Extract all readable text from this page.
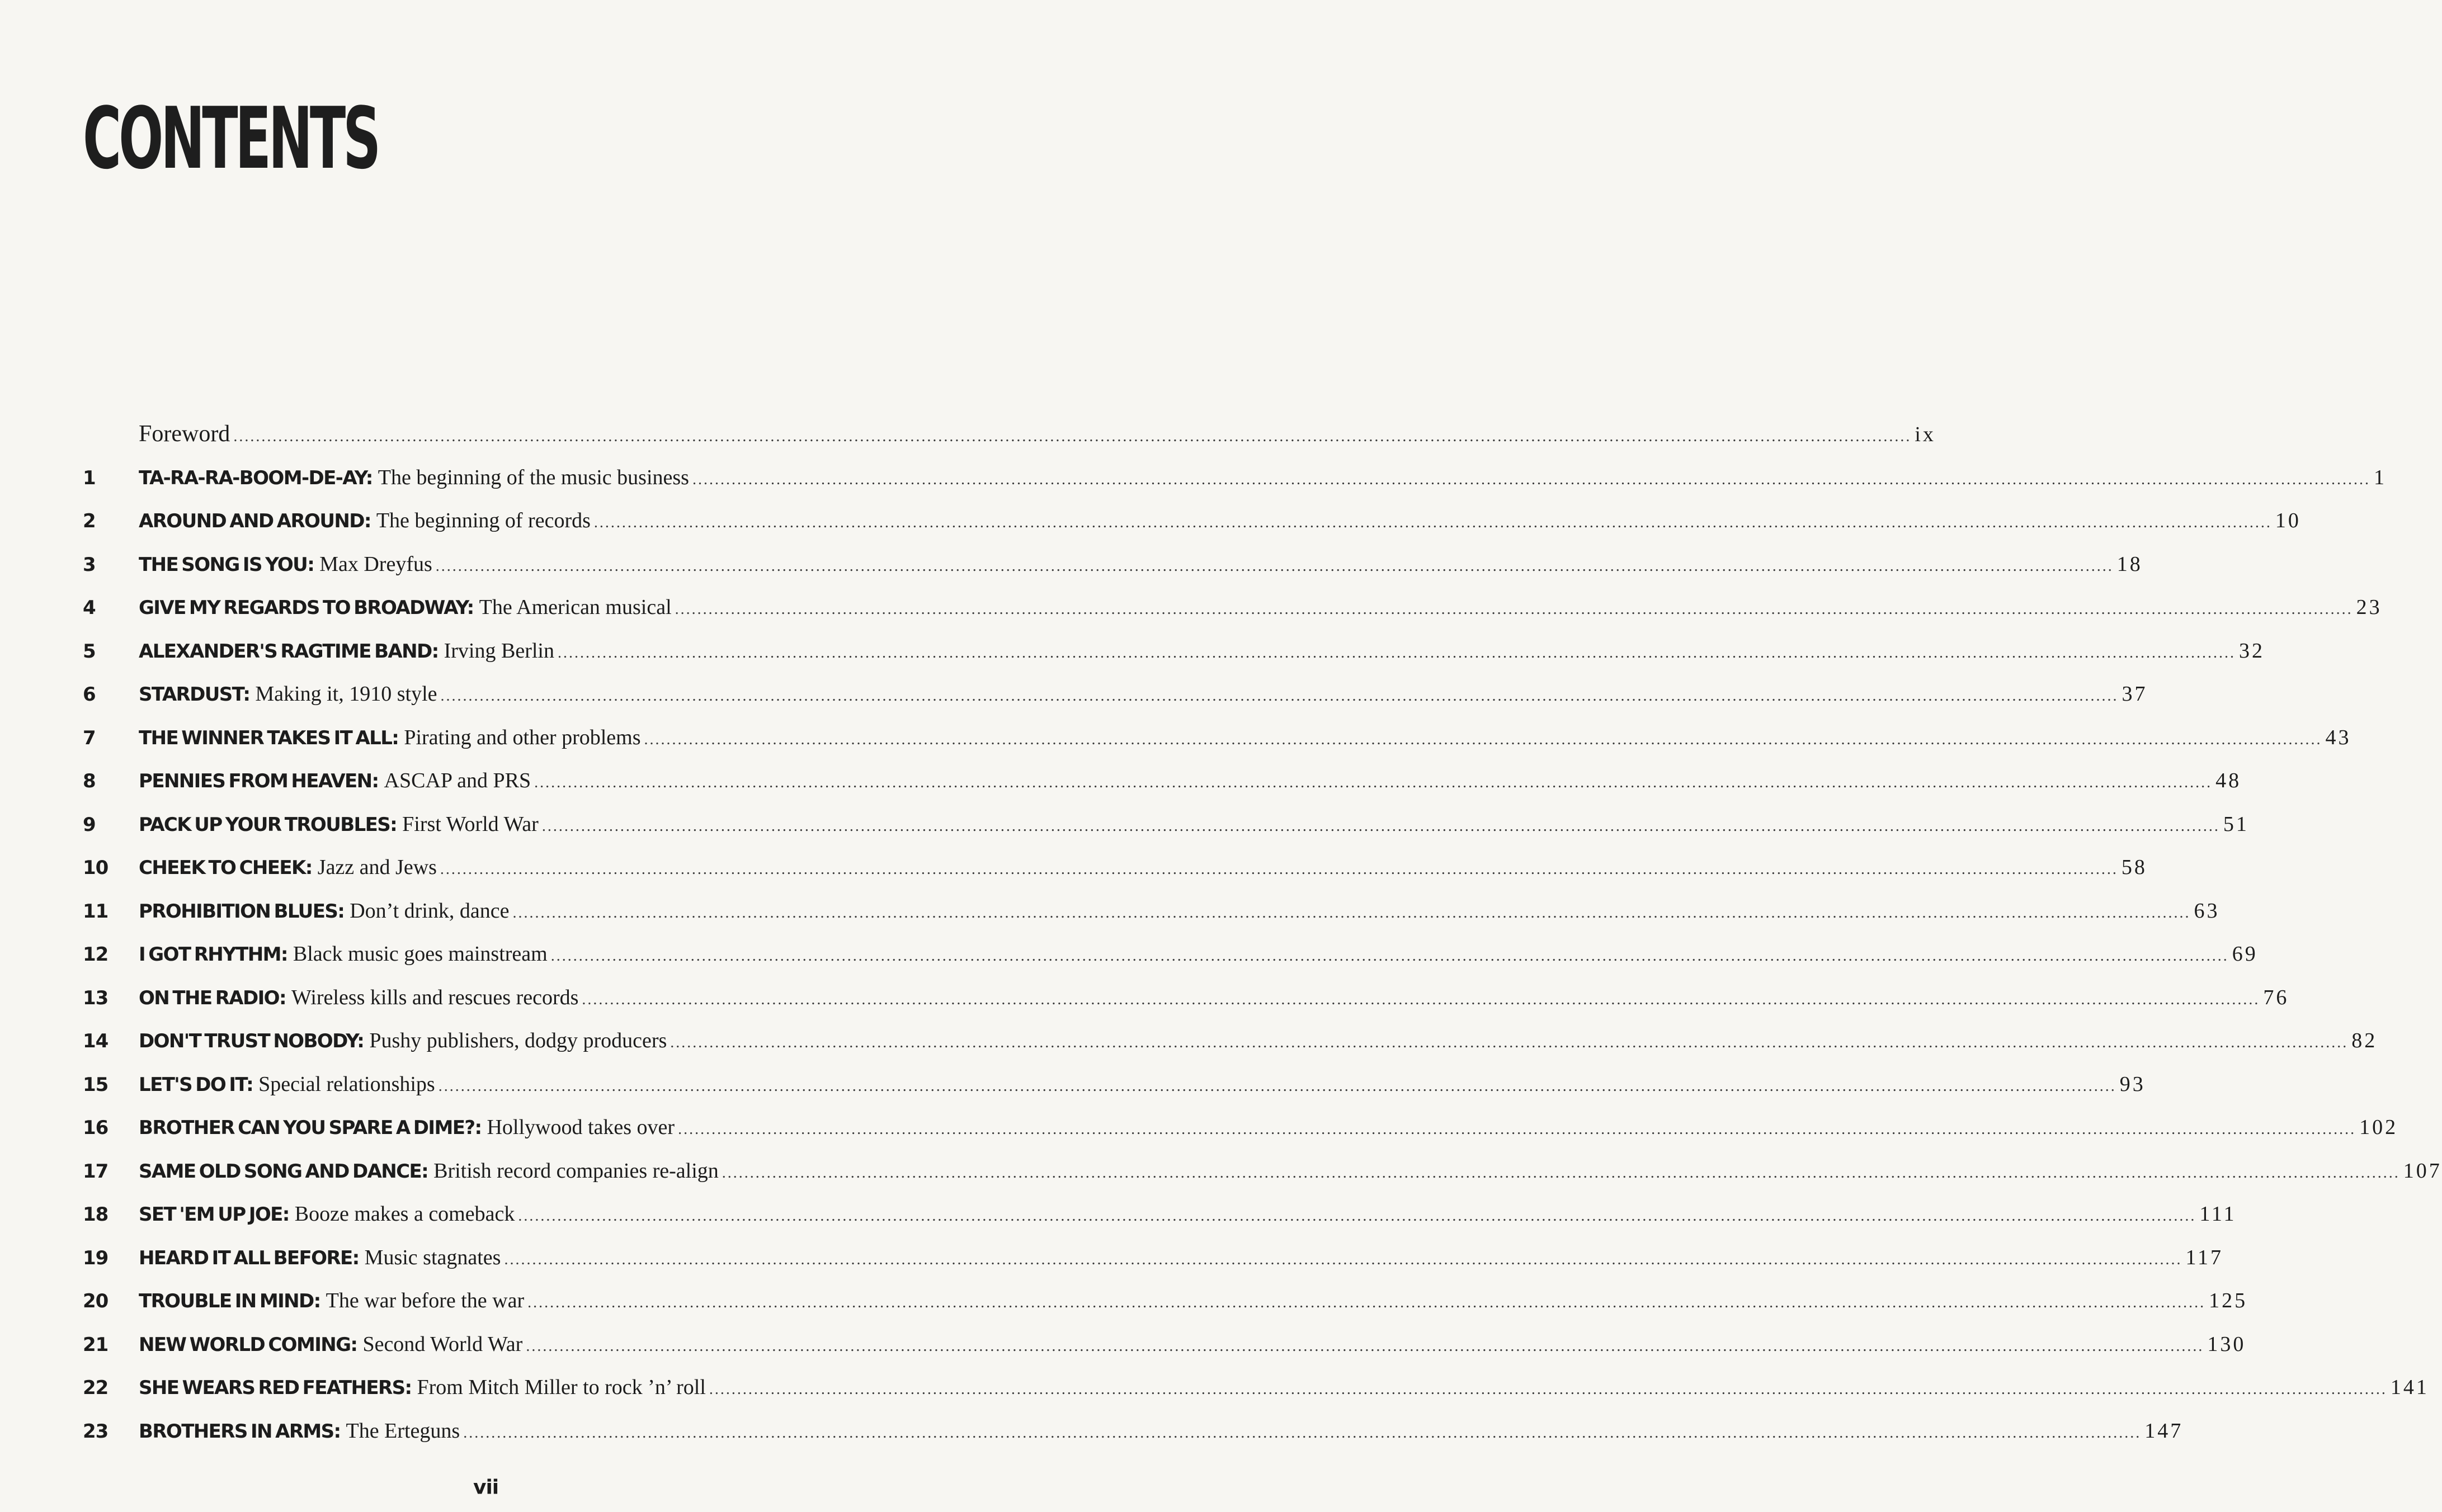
CONTENTS
Foreword ............................................................................................................................................................................................................................................................................................................ ix
1	TA-RA-RA-BOOM-DE-AY: The beginning of the music business ............................................................................................................................................................................................................................................................................................................ 1
2	AROUND AND AROUND: The beginning of records ............................................................................................................................................................................................................................................................................................................ 10
3	THE SONG IS YOU: Max Dreyfus ............................................................................................................................................................................................................................................................................................................ 18
4	GIVE MY REGARDS TO BROADWAY: The American musical ............................................................................................................................................................................................................................................................................................................ 23
5	ALEXANDER'S RAGTIME BAND: Irving Berlin ............................................................................................................................................................................................................................................................................................................ 32
6	STARDUST: Making it, 1910 style ............................................................................................................................................................................................................................................................................................................ 37
7	THE WINNER TAKES IT ALL: Pirating and other problems ............................................................................................................................................................................................................................................................................................................ 43
8	PENNIES FROM HEAVEN: ASCAP and PRS ............................................................................................................................................................................................................................................................................................................ 48
9	PACK UP YOUR TROUBLES: First World War ............................................................................................................................................................................................................................................................................................................ 51
10	CHEEK TO CHEEK: Jazz and Jews ............................................................................................................................................................................................................................................................................................................ 58
11	PROHIBITION BLUES: Don’t drink, dance ............................................................................................................................................................................................................................................................................................................ 63
12	I GOT RHYTHM: Black music goes mainstream ............................................................................................................................................................................................................................................................................................................ 69
13	ON THE RADIO: Wireless kills and rescues records ............................................................................................................................................................................................................................................................................................................ 76
14	DON'T TRUST NOBODY: Pushy publishers, dodgy producers ............................................................................................................................................................................................................................................................................................................ 82
15	LET'S DO IT: Special relationships ............................................................................................................................................................................................................................................................................................................ 93
16	BROTHER CAN YOU SPARE A DIME?: Hollywood takes over ............................................................................................................................................................................................................................................................................................................ 102
17	SAME OLD SONG AND DANCE: British record companies re-align ............................................................................................................................................................................................................................................................................................................ 107
18	SET 'EM UP JOE: Booze makes a comeback ............................................................................................................................................................................................................................................................................................................ 111
19	HEARD IT ALL BEFORE: Music stagnates ............................................................................................................................................................................................................................................................................................................ 117
20	TROUBLE IN MIND: The war before the war ............................................................................................................................................................................................................................................................................................................ 125
21	NEW WORLD COMING: Second World War ............................................................................................................................................................................................................................................................................................................ 130
22	SHE WEARS RED FEATHERS: From Mitch Miller to rock ’n’ roll ............................................................................................................................................................................................................................................................................................................ 141
23	BROTHERS IN ARMS: The Erteguns ............................................................................................................................................................................................................................................................................................................ 147
vii
